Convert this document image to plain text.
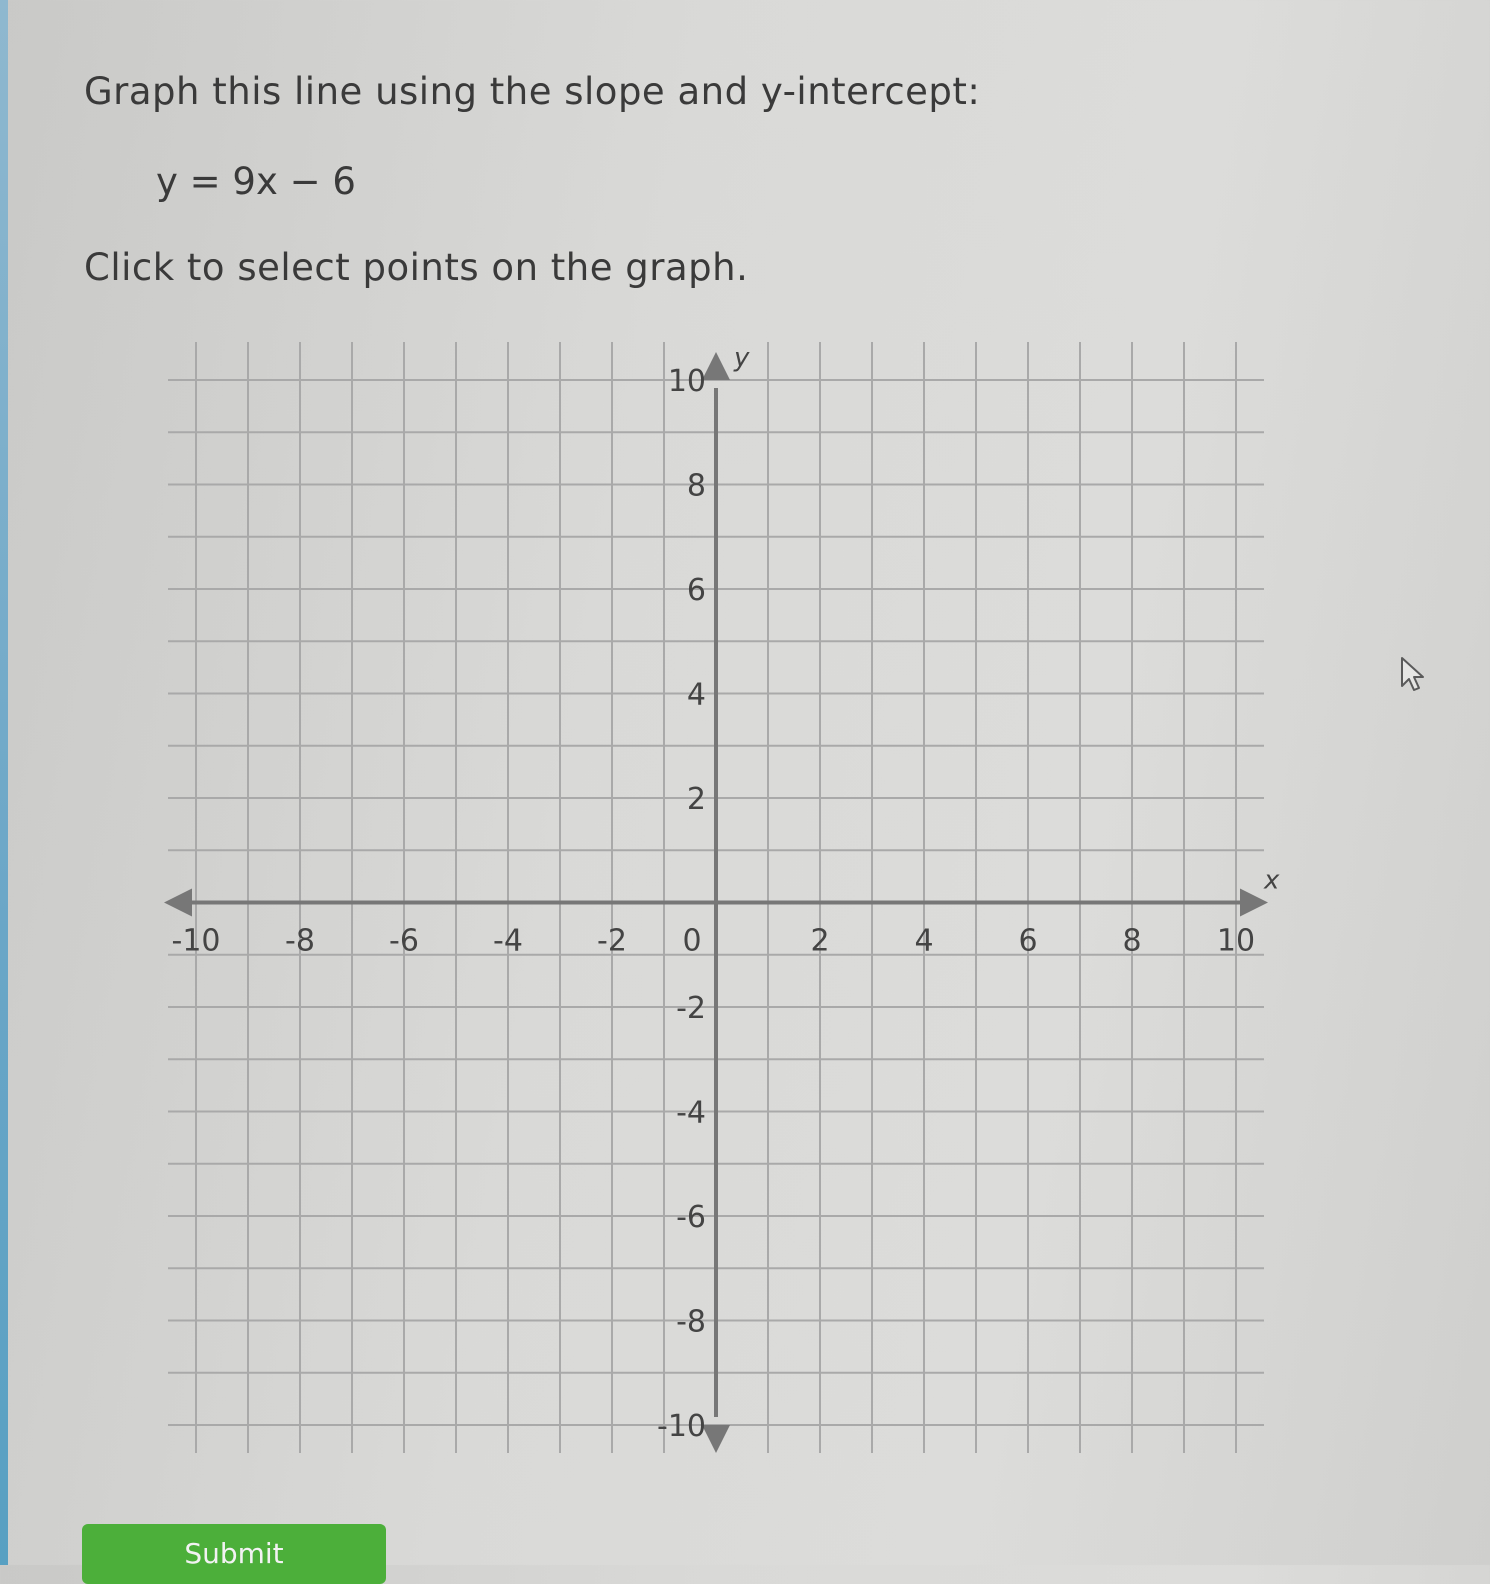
Graph this line using the slope and y-intercept:
y = 9x − 6
Click to select points on the graph.
x
y
-10 -8 -6 -4 -2 0	2	4	6	8	10
10
8
6
4
2
-2
-4
-6
-8
-10
Submit
